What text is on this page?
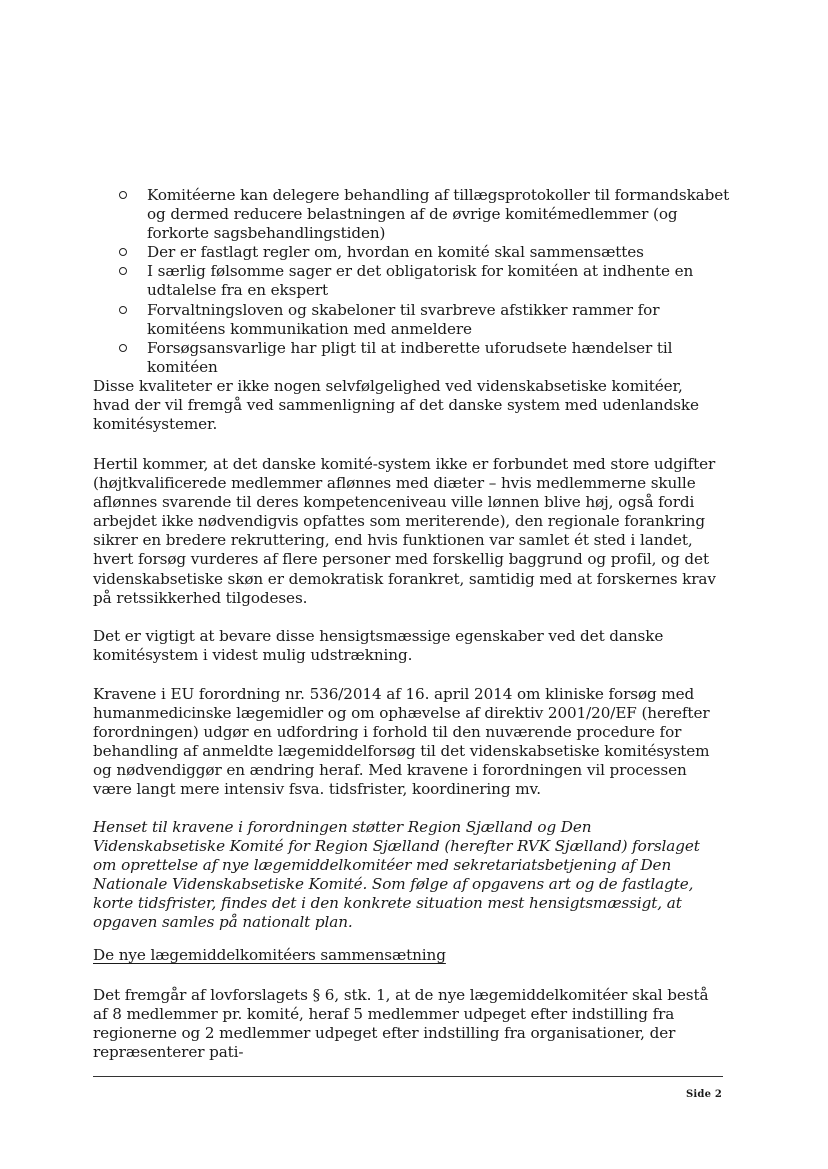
Komitéerne kan delegere behandling af tillægsprotokoller til formandskabet og dermed reducere belastningen af de øvrige komitémedlemmer (og forkorte sagsbehandlingstiden)
Der er fastlagt regler om, hvordan en komité skal sammensættes
I særlig følsomme sager er det obligatorisk for komitéen at indhente en udtalelse fra en ekspert
Forvaltningsloven og skabeloner til svarbreve afstikker rammer for komitéens kommunikation med anmeldere
Forsøgsansvarlige har pligt til at indberette uforudsete hændelser til komitéen

Disse kvaliteter er ikke nogen selvfølgelighed ved videnskabsetiske komitéer, hvad der vil fremgå ved sammenligning af det danske system med udenlandske komitésystemer.

Hertil kommer, at det danske komité-system ikke er forbundet med store udgifter (højtkvalificerede medlemmer aflønnes med diæter – hvis medlemmerne skulle aflønnes svarende til deres kompetenceniveau ville lønnen blive høj, også fordi arbejdet ikke nødvendigvis opfattes som meriterende), den regionale forankring sikrer en bredere rekruttering, end hvis funktionen var samlet ét sted i landet, hvert forsøg vurderes af flere personer med forskellig baggrund og profil, og det videnskabsetiske skøn er demokratisk forankret, samtidig med at forskernes krav på retssikkerhed tilgodeses.

Det er vigtigt at bevare disse hensigtsmæssige egenskaber ved det danske komitésystem i videst mulig udstrækning.

Kravene i EU forordning nr. 536/2014 af 16. april 2014 om kliniske forsøg med humanmedicinske lægemidler og om ophævelse af direktiv 2001/20/EF (herefter forordningen) udgør en udfordring i forhold til den nuværende procedure for behandling af anmeldte lægemiddelforsøg til det videnskabsetiske komitésystem og nødvendiggør en ændring heraf. Med kravene i forordningen vil processen være langt mere intensiv fsva. tidsfrister, koordinering mv.

Henset til kravene i forordningen støtter Region Sjælland og Den Videnskabsetiske Komité for Region Sjælland (herefter RVK Sjælland) forslaget om oprettelse af nye lægemiddelkomitéer med sekretariatsbetjening af Den Nationale Videnskabsetiske Komité. Som følge af opgavens art og de fastlagte, korte tidsfrister, findes det i den konkrete situation mest hensigtsmæssigt, at opgaven samles på nationalt plan.

De nye lægemiddelkomitéers sammensætning

Det fremgår af lovforslagets § 6, stk. 1, at de nye lægemiddelkomitéer skal bestå af 8 medlemmer pr. komité, heraf 5 medlemmer udpeget efter indstilling fra regionerne og 2 medlemmer udpeget efter indstilling fra organisationer, der repræsenterer pati-

Side 2
